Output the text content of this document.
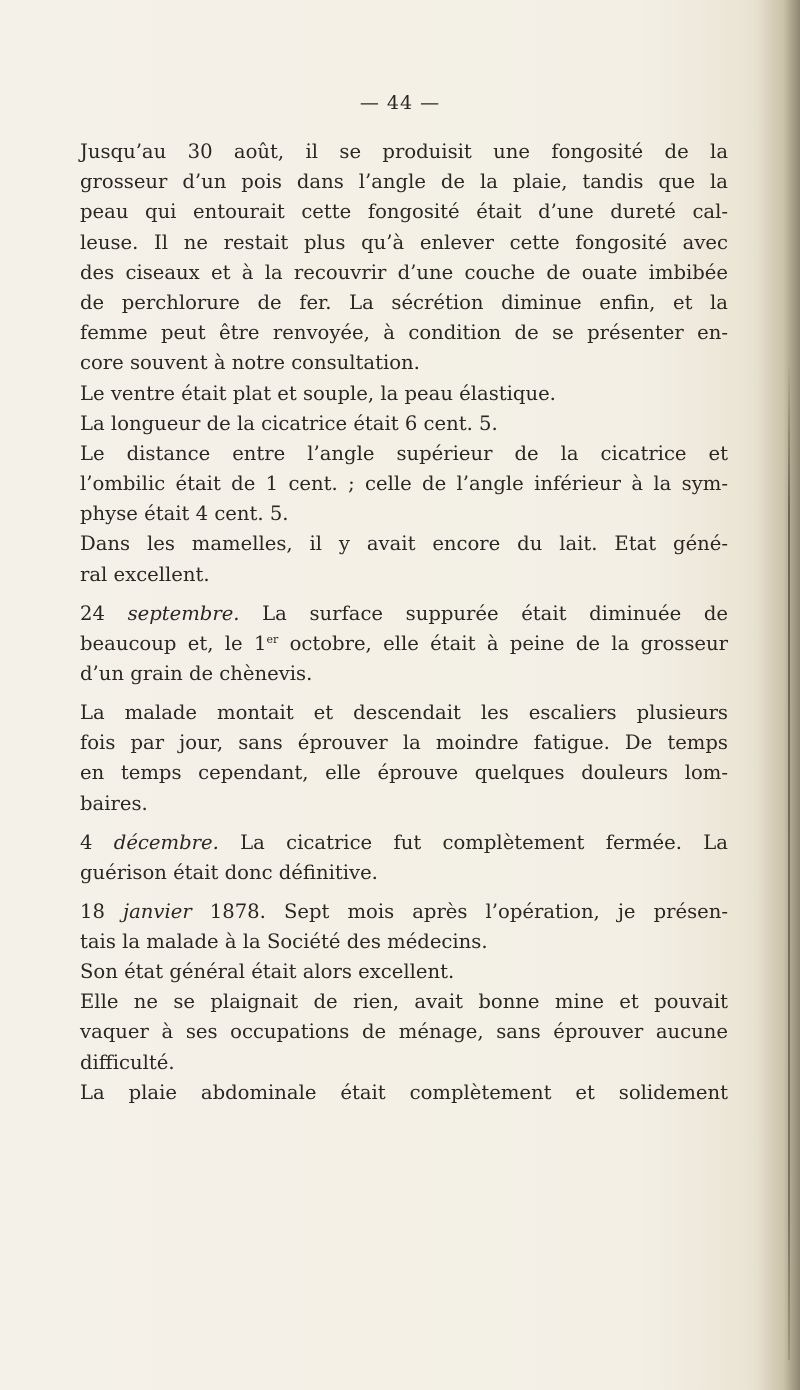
— 44 —
Jusqu’au 30 août, il se produisit une fongosité de la
grosseur d’un pois dans l’angle de la plaie, tandis que la
peau qui entourait cette fongosité était d’une dureté cal-
leuse. Il ne restait plus qu’à enlever cette fongosité avec
des ciseaux et à la recouvrir d’une couche de ouate imbibée
de perchlorure de fer. La sécrétion diminue enfin, et la
femme peut être renvoyée, à condition de se présenter en-
core souvent à notre consultation.
Le ventre était plat et souple, la peau élastique.
La longueur de la cicatrice était 6 cent. 5.
Le distance entre l’angle supérieur de la cicatrice et
l’ombilic était de 1 cent. ; celle de l’angle inférieur à la sym-
physe était 4 cent. 5.
Dans les mamelles, il y avait encore du lait. Etat géné-
ral excellent.
24 septembre. La surface suppurée était diminuée de
beaucoup et, le 1er octobre, elle était à peine de la grosseur
d’un grain de chènevis.
La malade montait et descendait les escaliers plusieurs
fois par jour, sans éprouver la moindre fatigue. De temps
en temps cependant, elle éprouve quelques douleurs lom-
baires.
4 décembre. La cicatrice fut complètement fermée. La
guérison était donc définitive.
18 janvier 1878. Sept mois après l’opération, je présen-
tais la malade à la Société des médecins.
Son état général était alors excellent.
Elle ne se plaignait de rien, avait bonne mine et pouvait
vaquer à ses occupations de ménage, sans éprouver aucune
difficulté.
La plaie abdominale était complètement et solidement
